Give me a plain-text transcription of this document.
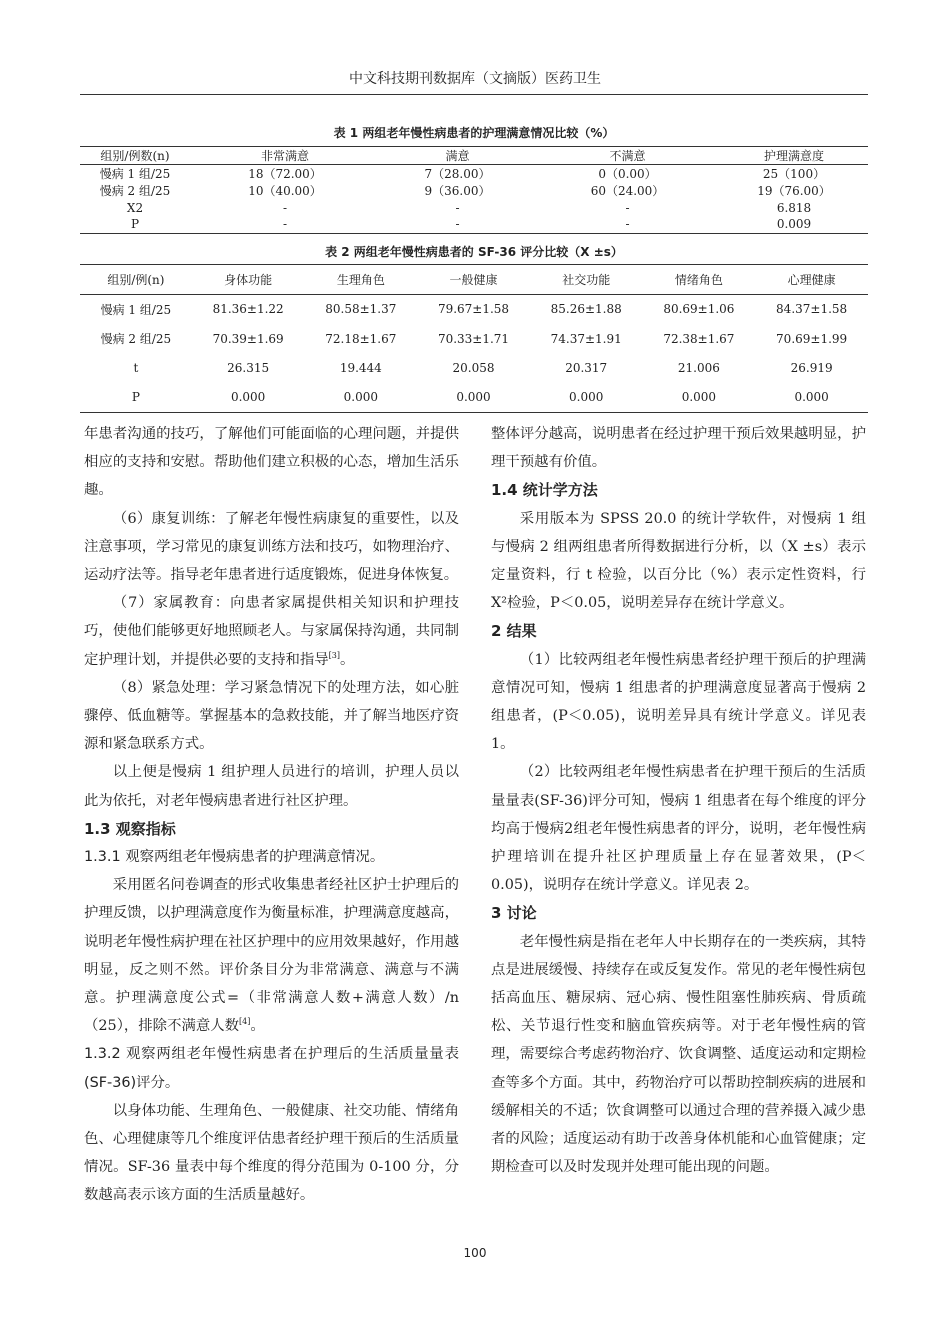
中文科技期刊数据库（文摘版）医药卫生
表 1 两组老年慢性病患者的护理满意情况比较（%）
组别/例数(n)	非常满意	满意	不满意	护理满意度
慢病 1 组/25	18（72.00）	7（28.00）	0（0.00）	25（100）
慢病 2 组/25	10（40.00）	9（36.00）	60（24.00）	19（76.00）
X2	-	-	-	6.818
P	-	-	-	0.009
表 2 两组老年慢性病患者的 SF-36 评分比较（X ±s）
组别/例(n)	身体功能	生理角色	一般健康	社交功能	情绪角色	心理健康
慢病 1 组/25	81.36±1.22	80.58±1.37	79.67±1.58	85.26±1.88	80.69±1.06	84.37±1.58
慢病 2 组/25	70.39±1.69	72.18±1.67	70.33±1.71	74.37±1.91	72.38±1.67	70.69±1.99
t	26.315	19.444	20.058	20.317	21.006	26.919
P	0.000	0.000	0.000	0.000	0.000	0.000

年患者沟通的技巧，了解他们可能面临的心理问题，并提供相应的支持和安慰。帮助他们建立积极的心态，增加生活乐趣。

（6）康复训练：了解老年慢性病康复的重要性，以及注意事项，学习常见的康复训练方法和技巧，如物理治疗、运动疗法等。指导老年患者进行适度锻炼，促进身体恢复。

（7）家属教育：向患者家属提供相关知识和护理技巧，使他们能够更好地照顾老人。与家属保持沟通，共同制定护理计划，并提供必要的支持和指导[3]。

（8）紧急处理：学习紧急情况下的处理方法，如心脏骤停、低血糖等。掌握基本的急救技能，并了解当地医疗资源和紧急联系方式。

以上便是慢病 1 组护理人员进行的培训，护理人员以此为依托，对老年慢病患者进行社区护理。

1.3 观察指标

1.3.1 观察两组老年慢病患者的护理满意情况。

采用匿名问卷调查的形式收集患者经社区护士护理后的护理反馈，以护理满意度作为衡量标准，护理满意度越高，说明老年慢性病护理在社区护理中的应用效果越好，作用越明显，反之则不然。评价条目分为非常满意、满意与不满意。护理满意度公式=（非常满意人数+满意人数）/n（25），排除不满意人数[4]。

1.3.2 观察两组老年慢性病患者在护理后的生活质量量表(SF-36)评分。

以身体功能、生理角色、一般健康、社交功能、情绪角色、心理健康等几个维度评估患者经护理干预后的生活质量情况。SF-36 量表中每个维度的得分范围为 0-100 分，分数越高表示该方面的生活质量越好。

整体评分越高，说明患者在经过护理干预后效果越明显，护理干预越有价值。

1.4 统计学方法

采用版本为 SPSS 20.0 的统计学软件，对慢病 1 组与慢病 2 组两组患者所得数据进行分析，以（X ±s）表示定量资料，行 t 检验，以百分比（%）表示定性资料，行 X²检验，P＜0.05，说明差异存在统计学意义。

2 结果

（1）比较两组老年慢性病患者经护理干预后的护理满意情况可知，慢病 1 组患者的护理满意度显著高于慢病 2 组患者，(P＜0.05)，说明差异具有统计学意义。详见表 1。

（2）比较两组老年慢性病患者在护理干预后的生活质量量表(SF-36)评分可知，慢病 1 组患者在每个维度的评分均高于慢病2组老年慢性病患者的评分，说明，老年慢性病护理培训在提升社区护理质量上存在显著效果，(P＜0.05)，说明存在统计学意义。详见表 2。

3 讨论

老年慢性病是指在老年人中长期存在的一类疾病，其特点是进展缓慢、持续存在或反复发作。常见的老年慢性病包括高血压、糖尿病、冠心病、慢性阻塞性肺疾病、骨质疏松、关节退行性变和脑血管疾病等。对于老年慢性病的管理，需要综合考虑药物治疗、饮食调整、适度运动和定期检查等多个方面。其中，药物治疗可以帮助控制疾病的进展和缓解相关的不适；饮食调整可以通过合理的营养摄入减少患者的风险；适度运动有助于改善身体机能和心血管健康；定期检查可以及时发现并处理可能出现的问题。

100
